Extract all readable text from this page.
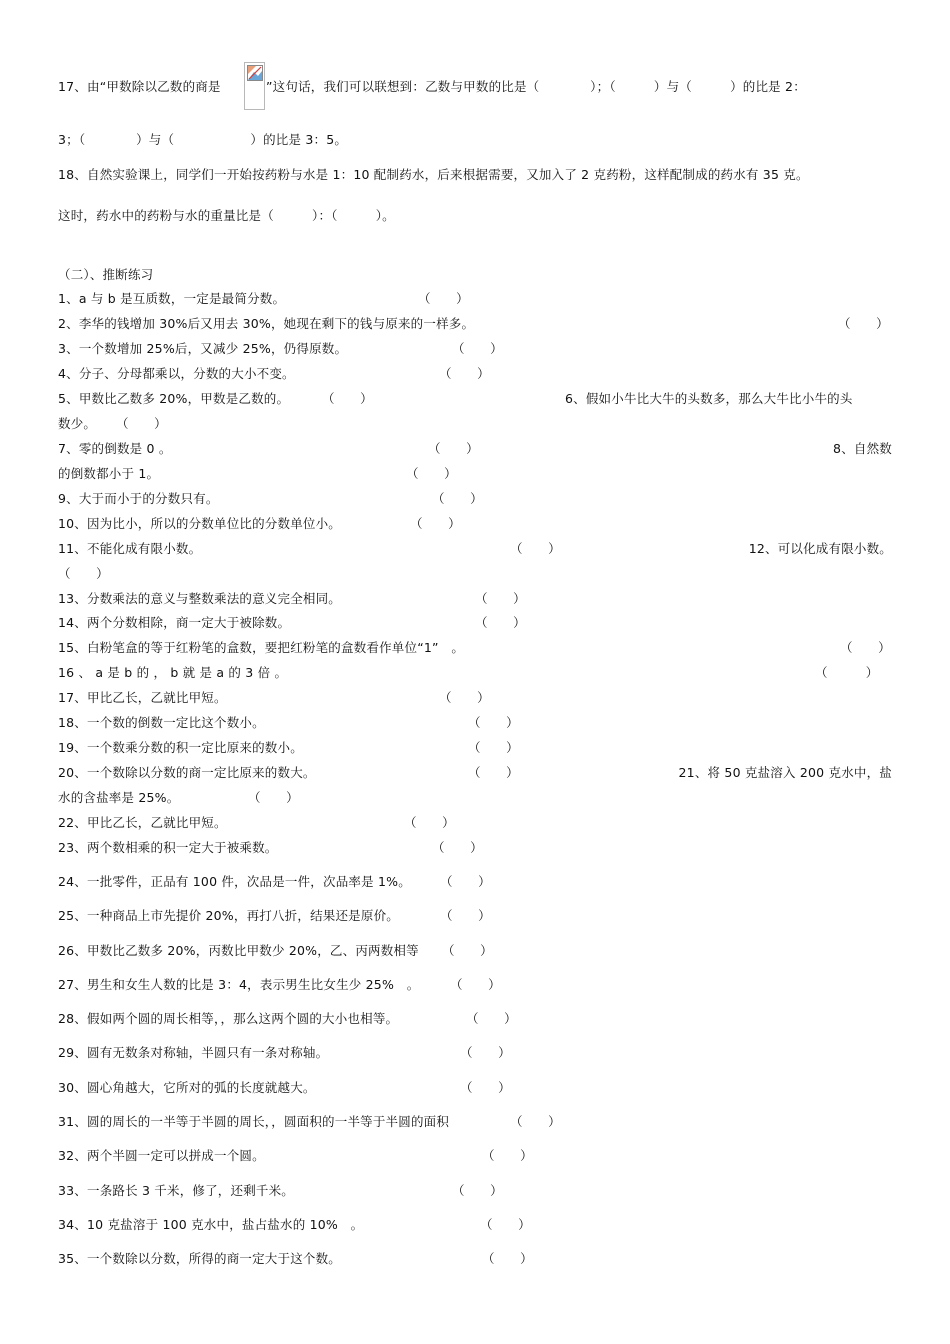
17、由“甲数除以乙数的商是	”这句话，我们可以联想到：乙数与甲数的比是（　　　　）；（　　　）与（　　　）的比是 2：
3；（　　　　）与（　　　　　　）的比是 3：5。
18、自然实验课上，同学们一开始按药粉与水是 1：10 配制药水，后来根据需要，又加入了 2 克药粉，这样配制成的药水有 35 克。
这时，药水中的药粉与水的重量比是（　　　）：（　　　）。
（二）、推断练习
1、a 与 b 是互质数，一定是最简分数。	（　　）
2、李华的钱增加 30%后又用去 30%，她现在剩下的钱与原来的一样多。	（　　）
3、一个数增加 25%后，又减少 25%，仍得原数。	（　　）
4、分子、分母都乘以，分数的大小不变。	（　　）
5、甲数比乙数多 20%，甲数是乙数的。	（　　）	6、假如小牛比大牛的头数多，那么大牛比小牛的头
数少。 （　　）
7、零的倒数是 0 。	（　　）	8、自然数
的倒数都小于 1。	（　　）
9、大于而小于的分数只有。	（　　）
10、因为比小，所以的分数单位比的分数单位小。	（　　）
11、不能化成有限小数。	（　　）	12、可以化成有限小数。
（　　）
13、分数乘法的意义与整数乘法的意义完全相同。	（　　）
14、两个分数相除，商一定大于被除数。	（　　）
15、白粉笔盒的等于红粉笔的盒数，要把红粉笔的盒数看作单位“1”　。	（　　）
16 、 a 是 b 的 ， b 就 是 a 的 3 倍 。	（　　　）
17、甲比乙长，乙就比甲短。	（　　）
18、一个数的倒数一定比这个数小。	（　　）
19、一个数乘分数的积一定比原来的数小。	（　　）
20、一个数除以分数的商一定比原来的数大。	（　　）	21、将 50 克盐溶入 200 克水中，盐
水的含盐率是 25%。	（　　）
22、甲比乙长，乙就比甲短。	（　　）
23、两个数相乘的积一定大于被乘数。	（　　）
24、一批零件，正品有 100 件，次品是一件，次品率是 1%。 （　　）
25、一种商品上市先提价 20%，再打八折，结果还是原价。	（　　）
26、甲数比乙数多 20%，丙数比甲数少 20%，乙、丙两数相等 （　　）
27、男生和女生人数的比是 3：4，表示男生比女生少 25%　。 （　　）
28、假如两个圆的周长相等，，那么这两个圆的大小也相等。	（　　）
29、圆有无数条对称轴，半圆只有一条对称轴。	（　　）
30、圆心角越大，它所对的弧的长度就越大。	（　　）
31、圆的周长的一半等于半圆的周长，，圆面积的一半等于半圆的面积	（　　）
32、两个半圆一定可以拼成一个圆。	（　　）
33、一条路长 3 千米，修了，还剩千米。	（　　）
34、10 克盐溶于 100 克水中，盐占盐水的 10%　。	（　　）
35、一个数除以分数，所得的商一定大于这个数。	（　　）
